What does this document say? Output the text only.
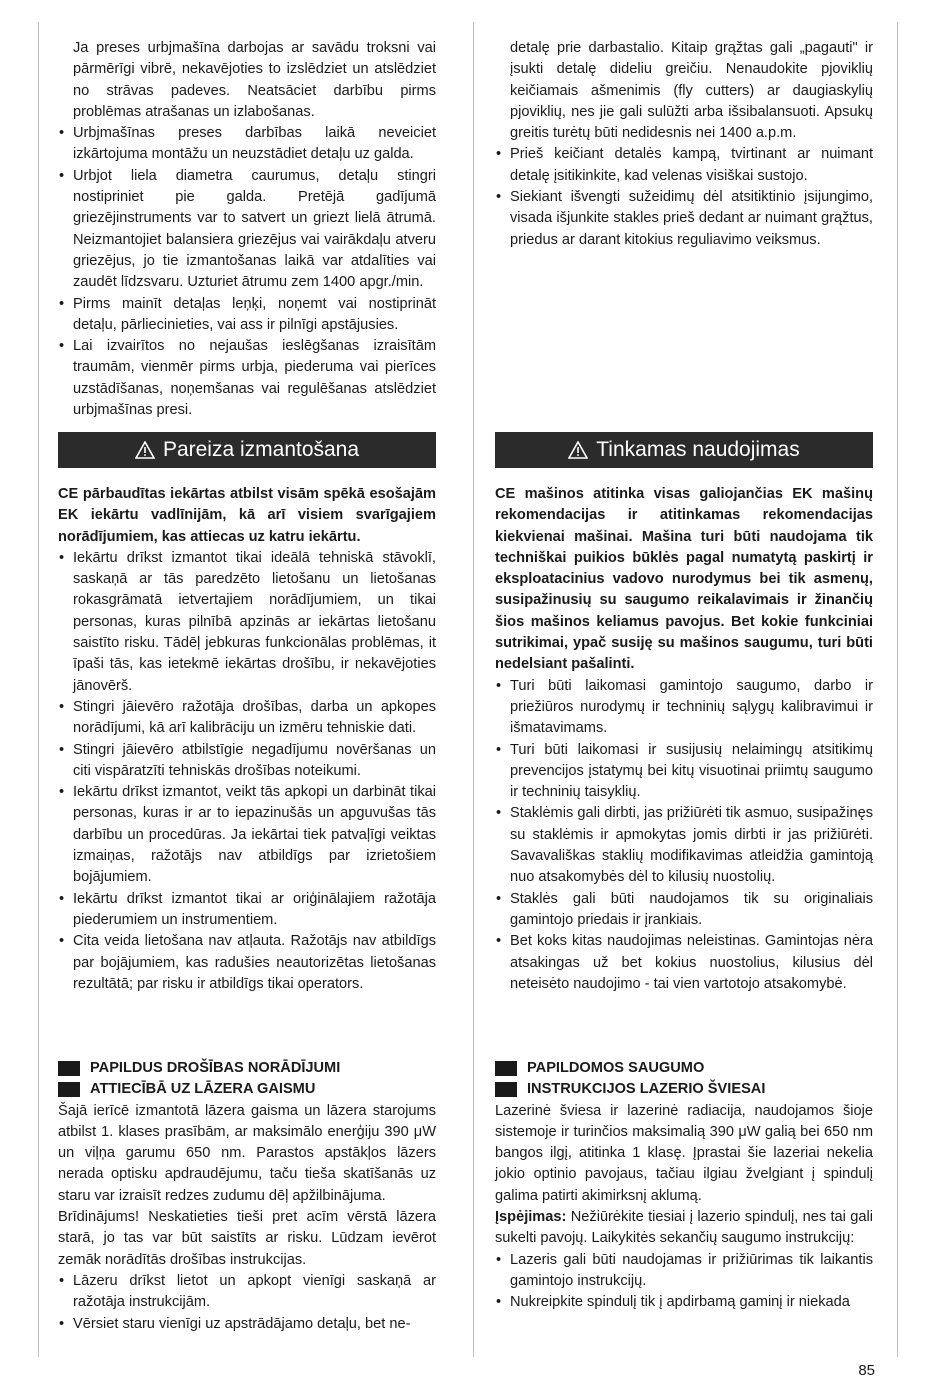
Ja preses urbjmašīna darbojas ar savādu troksni vai pārmērīgi vibrē, nekavējoties to izslēdziet un atslēdziet no strāvas padeves. Neatsāciet darbību pirms problēmas atrašanas un izlabošanas.

• Urbjmašīnas preses darbības laikā neveiciet izkārtojuma montāžu un neuzstādiet detaļu uz galda.
• Urbjot liela diametra caurumus, detaļu stingri nostipriniet pie galda. Pretējā gadījumā griezējinstruments var to satvert un griezt lielā ātrumā. Neizmantojiet balansiera griezējus vai vairākdaļu atveru griezējus, jo tie izmantošanas laikā var atdalīties vai zaudēt līdzsvaru. Uzturiet ātrumu zem 1400 apgr./min.
• Pirms mainīt detaļas leņķi, noņemt vai nostiprināt detaļu, pārliecinieties, vai ass ir pilnīgi apstājusies.
• Lai izvairītos no nejaušas ieslēgšanas izraisītām traumām, vienmēr pirms urbja, piederuma vai pierīces uzstādīšanas, noņemšanas vai regulēšanas atslēdziet urbjmašīnas presi.
Pareiza izmantošana

CE pārbaudītas iekārtas atbilst visām spēkā esošajām EK iekārtu vadlīnijām, kā arī visiem svarīgajiem norādījumiem, kas attiecas uz katru iekārtu.

• Iekārtu drīkst izmantot tikai ideālā tehniskā stāvoklī, saskaņā ar tās paredzēto lietošanu un lietošanas rokasgrāmatā ietvertajiem norādījumiem, un tikai personas, kuras pilnībā apzinās ar iekārtas lietošanu saistīto risku. Tādēļ jebkuras funkcionālas problēmas, it īpaši tās, kas ietekmē iekārtas drošību, ir nekavējoties jānovērš.
• Stingri jāievēro ražotāja drošības, darba un apkopes norādījumi, kā arī kalibrāciju un izmēru tehniskie dati.
• Stingri jāievēro atbilstīgie negadījumu novēršanas un citi vispāratzīti tehniskās drošības noteikumi.
• Iekārtu drīkst izmantot, veikt tās apkopi un darbināt tikai personas, kuras ir ar to iepazinušās un apguvušas tās darbību un procedūras. Ja iekārtai tiek patvaļīgi veiktas izmaiņas, ražotājs nav atbildīgs par izrietošiem bojājumiem.
• Iekārtu drīkst izmantot tikai ar oriģinālajiem ražotāja piederumiem un instrumentiem.
• Cita veida lietošana nav atļauta. Ražotājs nav atbildīgs par bojājumiem, kas radušies neautorizētas lietošanas rezultātā; par risku ir atbildīgs tikai operators.
PAPILDUS DROŠĪBAS NORĀDĪJUMI
ATTIECĪBĀ UZ LĀZERA GAISMU

Šajā ierīcē izmantotā lāzera gaisma un lāzera starojums atbilst 1. klases prasībām, ar maksimālo enerģiju 390 μW un viļņa garumu 650 nm. Parastos apstākļos lāzers nerada optisku apdraudējumu, taču tieša skatīšanās uz staru var izraisīt redzes zudumu dēļ apžilbinājuma.

Brīdinājums! Neskatieties tieši pret acīm vērstā lāzera starā, jo tas var būt saistīts ar risku. Lūdzam ievērot zemāk norādītās drošības instrukcijas.

• Lāzeru drīkst lietot un apkopt vienīgi saskaņā ar ražotāja instrukcijām.
• Vērsiet staru vienīgi uz apstrādājamo detaļu, bet ne-

detalę prie darbastalio. Kitaip grąžtas gali „pagauti" ir įsukti detalę dideliu greičiu. Nenaudokite pjoviklių keičiamais ašmenimis (fly cutters) ar daugiaskylių pjoviklių, nes jie gali sulūžti arba išsibalansuoti. Apsukų greitis turėtų būti nedidesnis nei 1400 a.p.m.

• Prieš keičiant detalės kampą, tvirtinant ar nuimant detalę įsitikinkite, kad velenas visiškai sustojo.
• Siekiant išvengti sužeidimų dėl atsitiktinio įsijungimo, visada išjunkite stakles prieš dedant ar nuimant grąžtus, priedus ar darant kitokius reguliavimo veiksmus.
Tinkamas naudojimas

CE mašinos atitinka visas galiojančias EK mašinų rekomendacijas ir atitinkamas rekomendacijas kiekvienai mašinai. Mašina turi būti naudojama tik techniškai puikios būklės pagal numatytą paskirtį ir eksploatacinius vadovo nurodymus bei tik asmenų, susipažinusių su saugumo reikalavimais ir žinančių šios mašinos keliamus pavojus. Bet kokie funkciniai sutrikimai, ypač susiję su mašinos saugumu, turi būti nedelsiant pašalinti.

• Turi būti laikomasi gamintojo saugumo, darbo ir priežiūros nurodymų ir techninių sąlygų kalibravimui ir išmatavimams.
• Turi būti laikomasi ir susijusių nelaimingų atsitikimų prevencijos įstatymų bei kitų visuotinai priimtų saugumo ir techninių taisyklių.
• Staklėmis gali dirbti, jas prižiūrėti tik asmuo, susipažinęs su staklėmis ir apmokytas jomis dirbti ir jas prižiūrėti. Savavališkas staklių modifikavimas atleidžia gamintoją nuo atsakomybės dėl to kilusių nuostolių.
• Staklės gali būti naudojamos tik su originaliais gamintojo priedais ir įrankiais.
• Bet koks kitas naudojimas neleistinas. Gamintojas nėra atsakingas už bet kokius nuostolius, kilusius dėl neteisėto naudojimo - tai vien vartotojo atsakomybė.
PAPILDOMOS SAUGUMO
INSTRUKCIJOS LAZERIO ŠVIESAI

Lazerinė šviesa ir lazerinė radiacija, naudojamos šioje sistemoje ir turinčios maksimalią 390 μW galią bei 650 nm bangos ilgį, atitinka 1 klasę. Įprastai šie lazeriai nekelia jokio optinio pavojaus, tačiau ilgiau žvelgiant į spindulį galima patirti akimirksnį aklumą.

Įspėjimas: Nežiūrėkite tiesiai į lazerio spindulį, nes tai gali sukelti pavojų. Laikykitės sekančių saugumo instrukcijų:

• Lazeris gali būti naudojamas ir prižiūrimas tik laikantis gamintojo instrukcijų.
• Nukreipkite spindulį tik į apdirbamą gaminį ir niekada
85
